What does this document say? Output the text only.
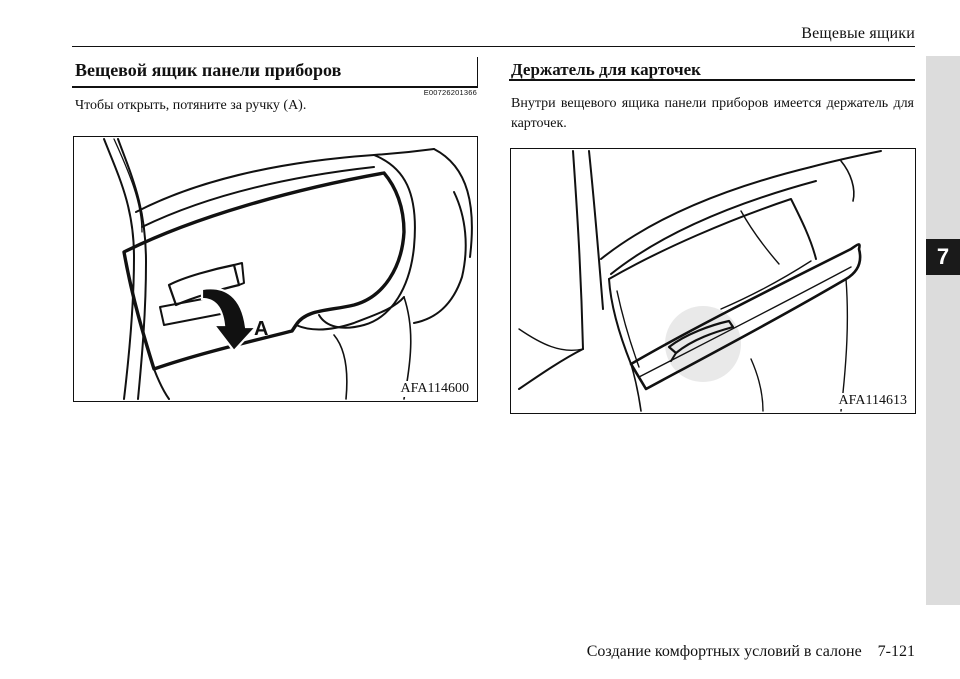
Вещевые ящики
7
Вещевой ящик панели приборов
E00726201366

Чтобы открыть, потяните за ручку (A).

A
AFA114600
Держатель для карточек

Внутри вещевого ящика панели приборов имеется держатель для карточек.

AFA114613
Создание комфортных условий в салоне 7-121
